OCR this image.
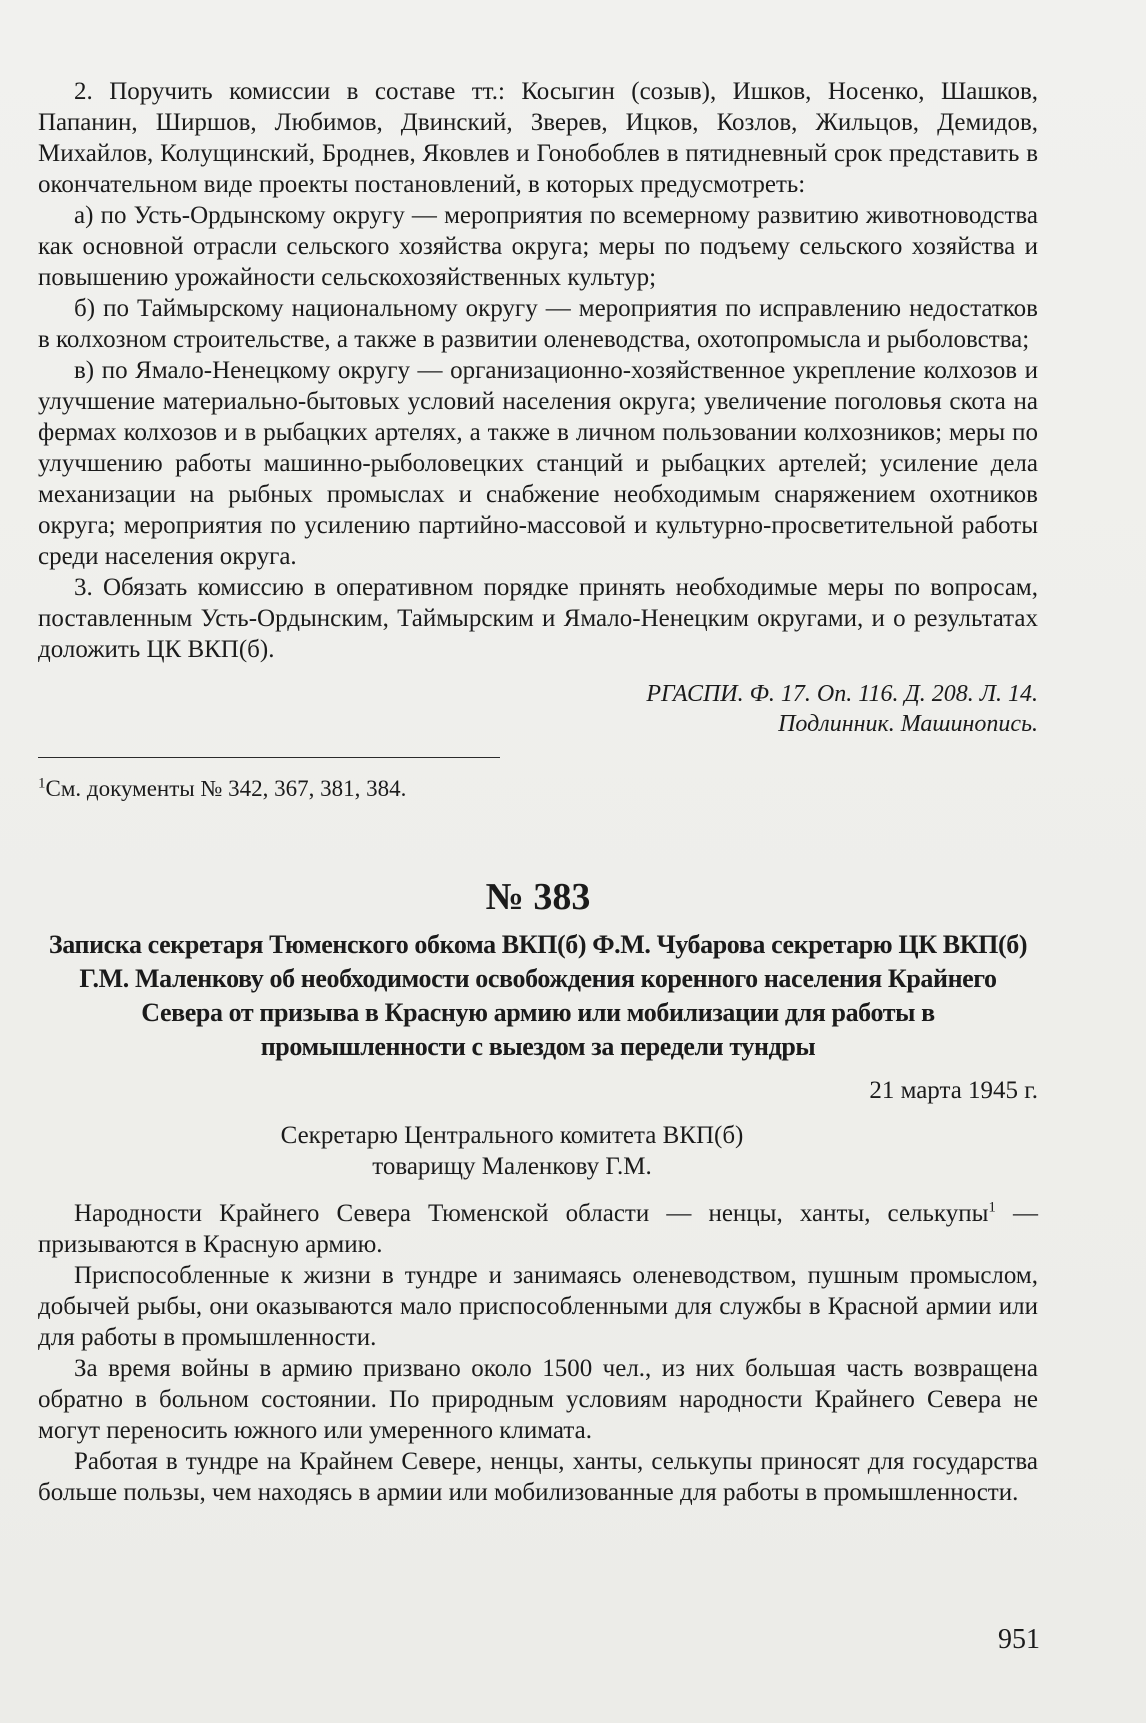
2. Поручить комиссии в составе тт.: Косыгин (созыв), Ишков, Носенко, Шашков, Папанин, Ширшов, Любимов, Двинский, Зверев, Ицков, Козлов, Жильцов, Демидов, Михайлов, Колущинский, Броднев, Яковлев и Гонобоблев в пятидневный срок представить в окончательном виде проекты постановлений, в которых предусмотреть:

а) по Усть-Ордынскому округу — мероприятия по всемерному развитию животноводства как основной отрасли сельского хозяйства округа; меры по подъему сельского хозяйства и повышению урожайности сельскохозяйственных культур;

б) по Таймырскому национальному округу — мероприятия по исправлению недостатков в колхозном строительстве, а также в развитии оленеводства, охотопромысла и рыболовства;

в) по Ямало-Ненецкому округу — организационно-хозяйственное укрепление колхозов и улучшение материально-бытовых условий населения округа; увеличение поголовья скота на фермах колхозов и в рыбацких артелях, а также в личном пользовании колхозников; меры по улучшению работы машинно-рыболовецких станций и рыбацких артелей; усиление дела механизации на рыбных промыслах и снабжение необходимым снаряжением охотников округа; мероприятия по усилению партийно-массовой и культурно-просветительной работы среди населения округа.

3. Обязать комиссию в оперативном порядке принять необходимые меры по вопросам, поставленным Усть-Ордынским, Таймырским и Ямало-Ненецким округами, и о результатах доложить ЦК ВКП(б).

РГАСПИ. Ф. 17. Оп. 116. Д. 208. Л. 14.
Подлинник. Машинопись.
$^1$См. документы № 342, 367, 381, 384.
№ 383
Записка секретаря Тюменского обкома ВКП(б) Ф.М. Чубарова секретарю ЦК ВКП(б) Г.М. Маленкову об необходимости освобождения коренного населения Крайнего Севера от призыва в Красную армию или мобилизации для работы в промышленности с выездом за передели тундры
21 марта 1945 г.
Секретарю Центрального комитета ВКП(б)
товарищу Маленкову Г.М.

Народности Крайнего Севера Тюменской области — ненцы, ханты, селькупы$^1$ — призываются в Красную армию.

Приспособленные к жизни в тундре и занимаясь оленеводством, пушным промыслом, добычей рыбы, они оказываются мало приспособленными для службы в Красной армии или для работы в промышленности.

За время войны в армию призвано около 1500 чел., из них большая часть возвращена обратно в больном состоянии. По природным условиям народности Крайнего Севера не могут переносить южного или умеренного климата.

Работая в тундре на Крайнем Севере, ненцы, ханты, селькупы приносят для государства больше пользы, чем находясь в армии или мобилизованные для работы в промышленности.

951
